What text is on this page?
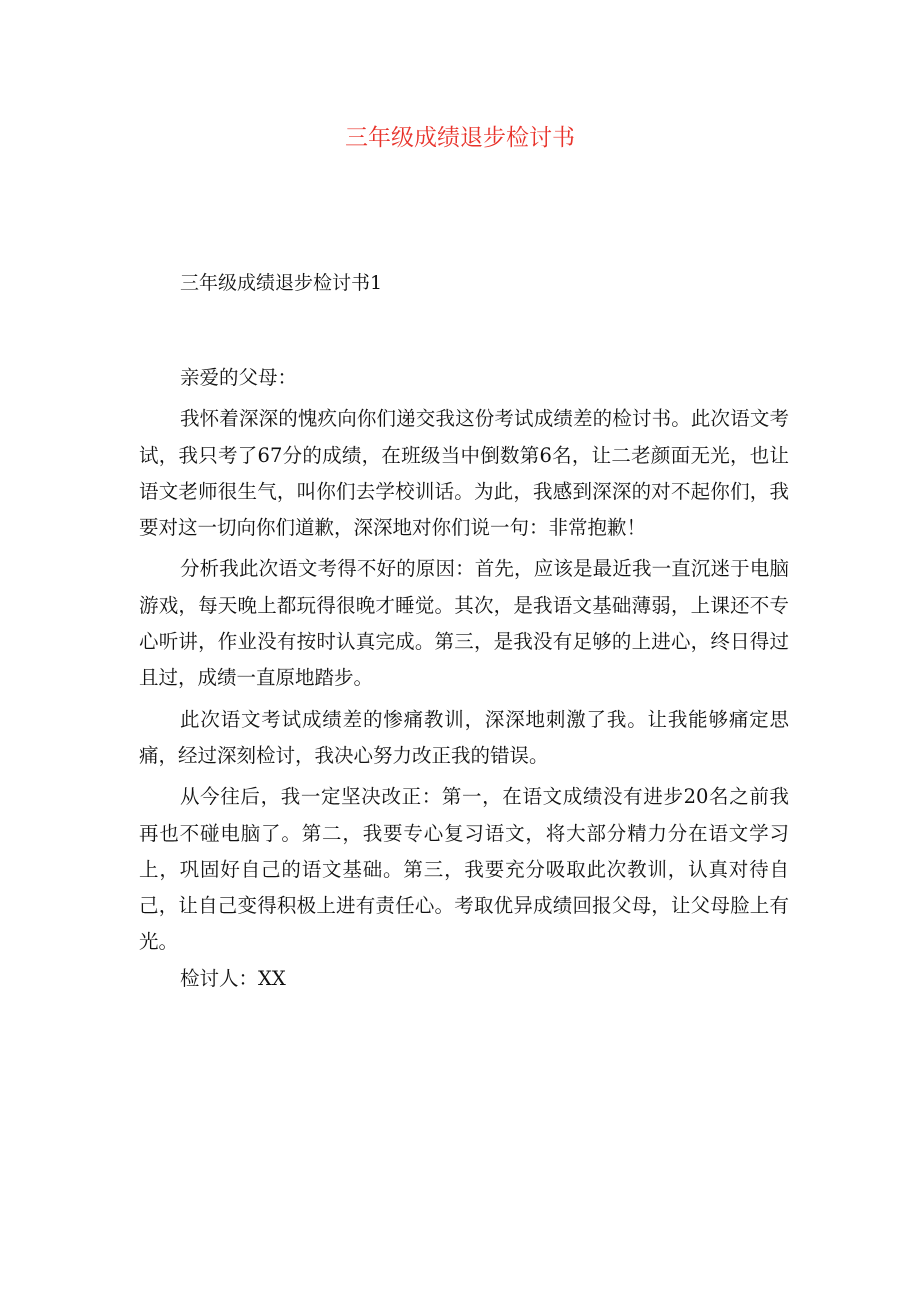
三年级成绩退步检讨书
三年级成绩退步检讨书1

亲爱的父母：

我怀着深深的愧疚向你们递交我这份考试成绩差的检讨书。此次语文考试，我只考了67分的成绩，在班级当中倒数第6名，让二老颜面无光，也让语文老师很生气，叫你们去学校训话。为此，我感到深深的对不起你们，我要对这一切向你们道歉，深深地对你们说一句：非常抱歉！

分析我此次语文考得不好的原因：首先，应该是最近我一直沉迷于电脑游戏，每天晚上都玩得很晚才睡觉。其次，是我语文基础薄弱，上课还不专心听讲，作业没有按时认真完成。第三，是我没有足够的上进心，终日得过且过，成绩一直原地踏步。

此次语文考试成绩差的惨痛教训，深深地刺激了我。让我能够痛定思痛，经过深刻检讨，我决心努力改正我的错误。

从今往后，我一定坚决改正：第一，在语文成绩没有进步20名之前我再也不碰电脑了。第二，我要专心复习语文，将大部分精力分在语文学习上，巩固好自己的语文基础。第三，我要充分吸取此次教训，认真对待自己，让自己变得积极上进有责任心。考取优异成绩回报父母，让父母脸上有光。

检讨人：XX
